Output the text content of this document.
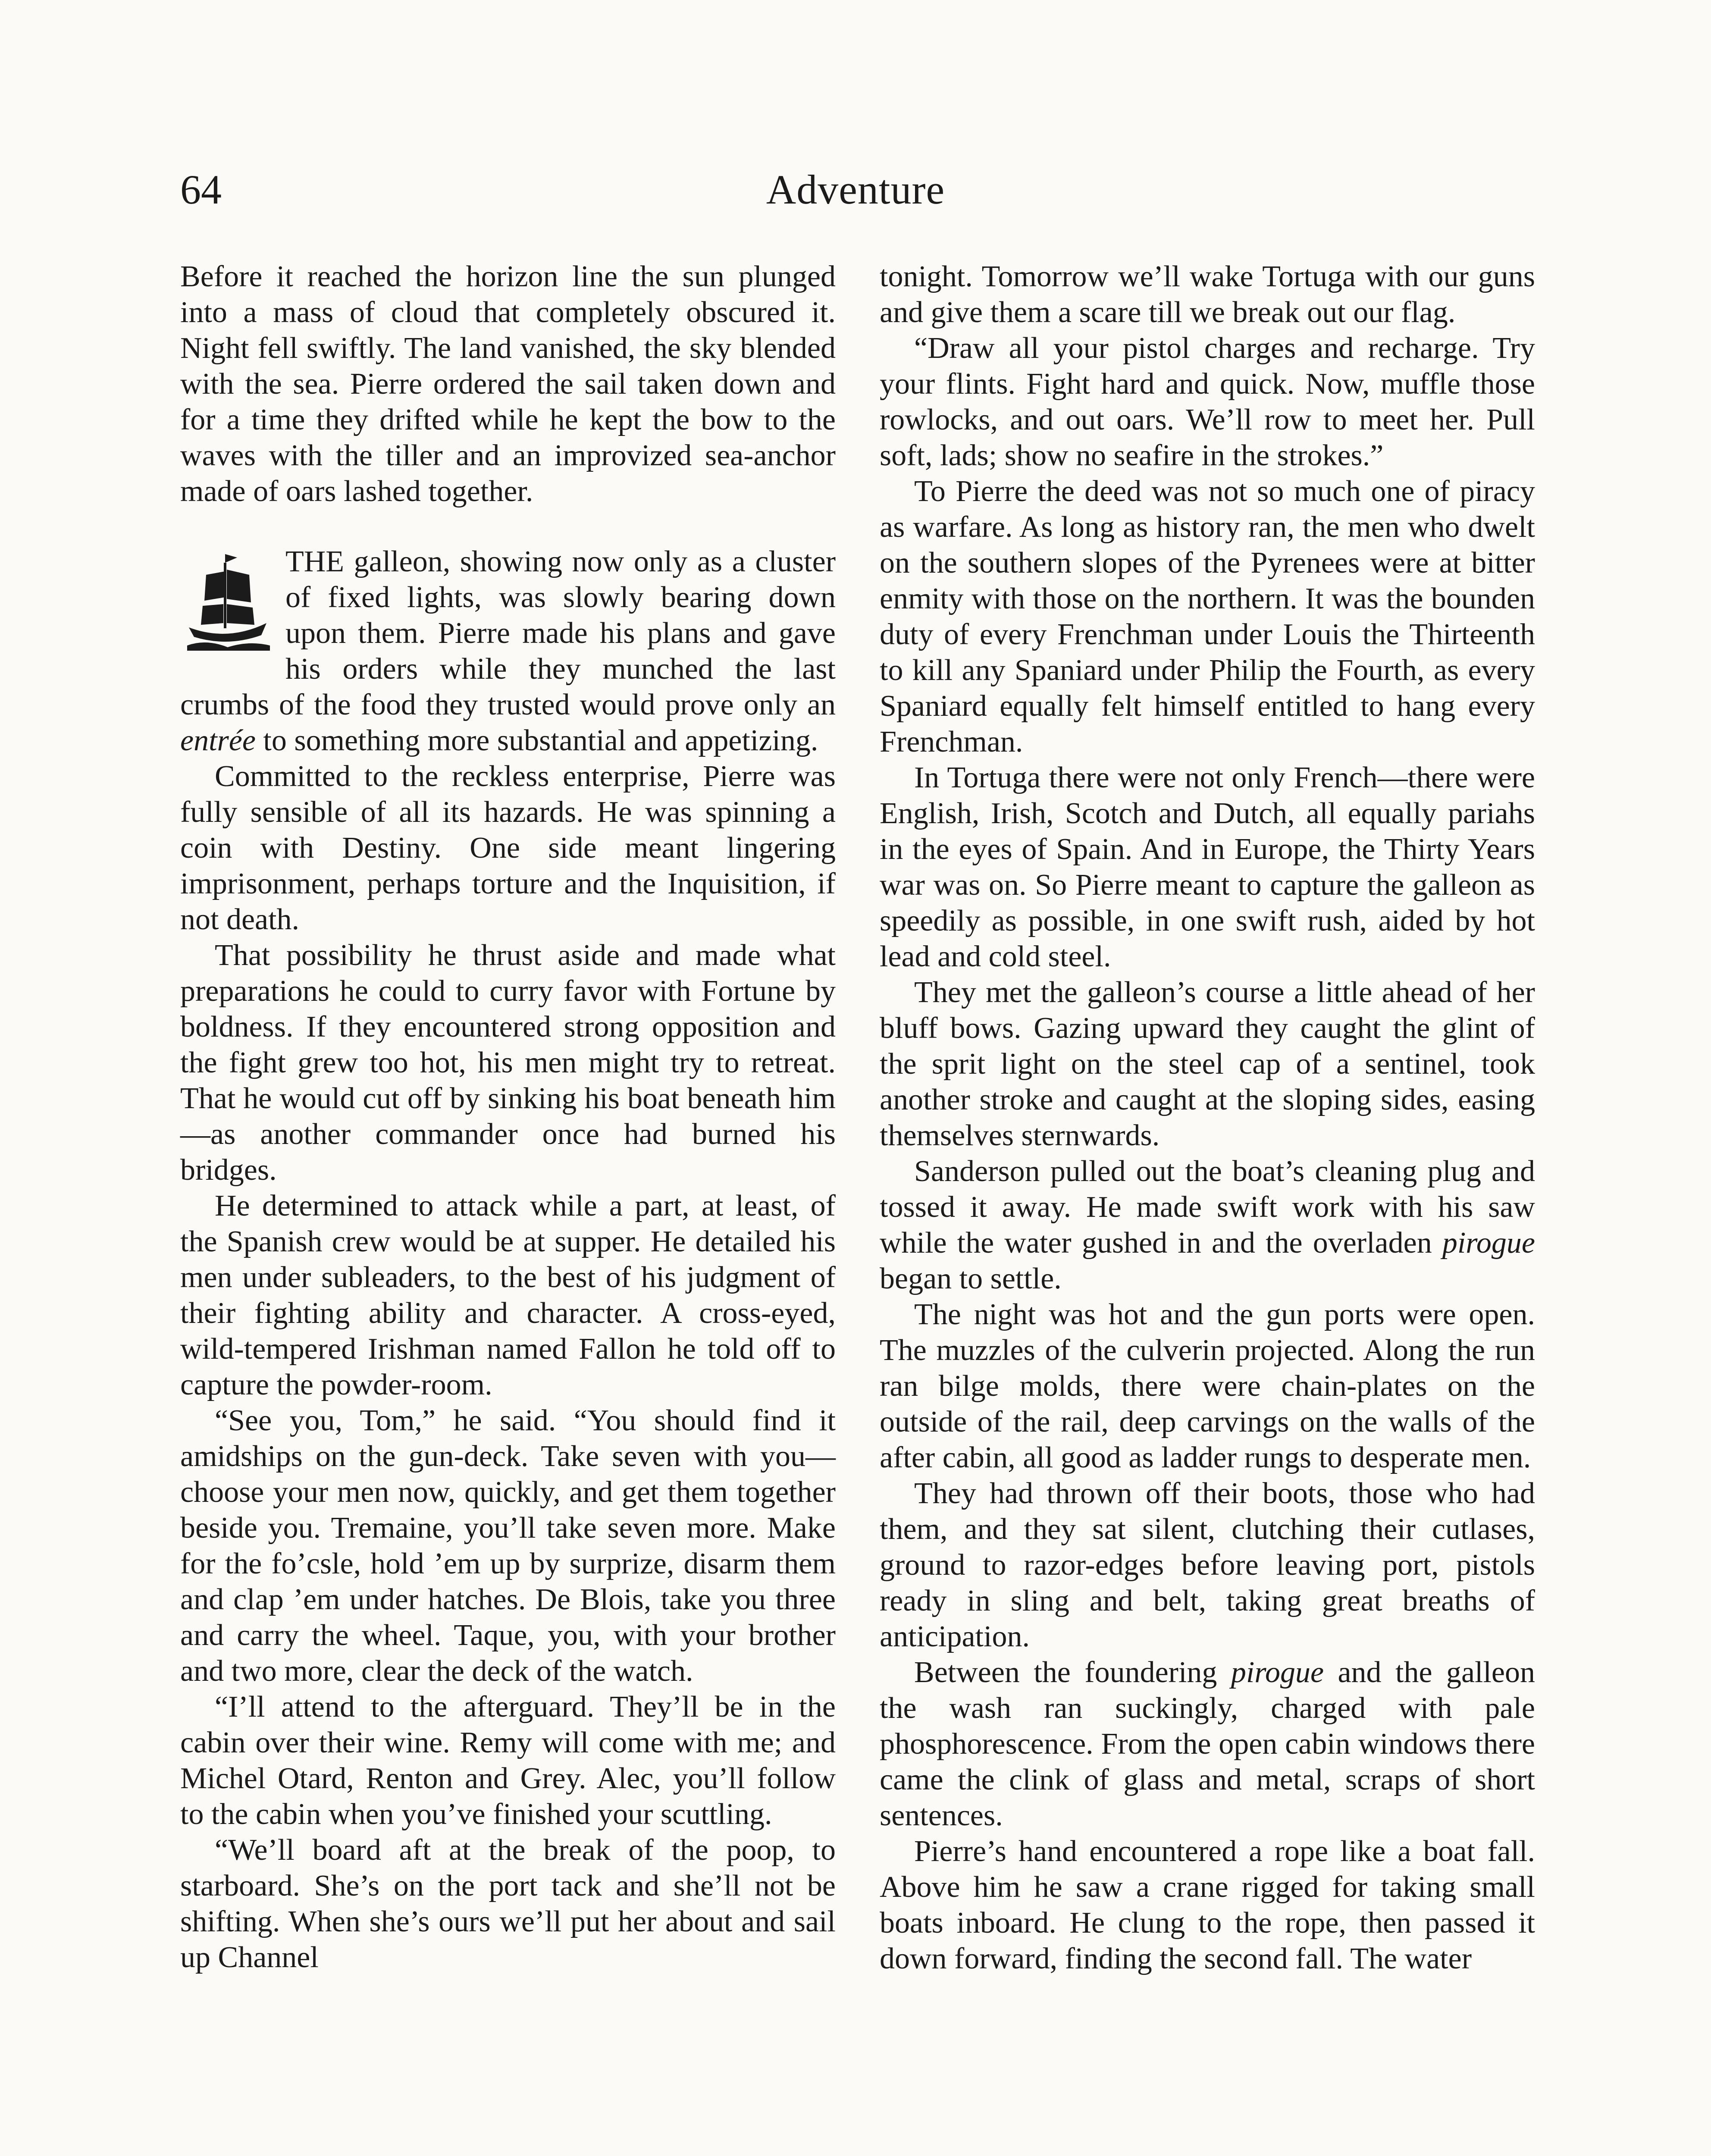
64	Adventure

Before it reached the horizon line the sun plunged into a mass of cloud that completely obscured it. Night fell swiftly. The land vanished, the sky blended with the sea. Pierre ordered the sail taken down and for a time they drifted while he kept the bow to the waves with the tiller and an improvized sea-anchor made of oars lashed together.

THE galleon, showing now only as a cluster of fixed lights, was slowly bearing down upon them. Pierre made his plans and gave his orders while they munched the last crumbs of the food they trusted would prove only an entrée to something more substantial and appetizing.

Committed to the reckless enterprise, Pierre was fully sensible of all its hazards. He was spinning a coin with Destiny. One side meant lingering imprisonment, perhaps torture and the Inquisition, if not death.

That possibility he thrust aside and made what preparations he could to curry favor with Fortune by boldness. If they encountered strong opposition and the fight grew too hot, his men might try to retreat. That he would cut off by sinking his boat beneath him—as another commander once had burned his bridges.

He determined to attack while a part, at least, of the Spanish crew would be at supper. He detailed his men under subleaders, to the best of his judgment of their fighting ability and character. A cross-eyed, wild-tempered Irishman named Fallon he told off to capture the powder-room.

“See you, Tom,” he said. “You should find it amidships on the gun-deck. Take seven with you—choose your men now, quickly, and get them together beside you. Tremaine, you’ll take seven more. Make for the fo’csle, hold ’em up by surprize, disarm them and clap ’em under hatches. De Blois, take you three and carry the wheel. Taque, you, with your brother and two more, clear the deck of the watch.

“I’ll attend to the afterguard. They’ll be in the cabin over their wine. Remy will come with me; and Michel Otard, Renton and Grey. Alec, you’ll follow to the cabin when you’ve finished your scuttling.

“We’ll board aft at the break of the poop, to starboard. She’s on the port tack and she’ll not be shifting. When she’s ours we’ll put her about and sail up Channel

tonight. Tomorrow we’ll wake Tortuga with our guns and give them a scare till we break out our flag.

“Draw all your pistol charges and recharge. Try your flints. Fight hard and quick. Now, muffle those rowlocks, and out oars. We’ll row to meet her. Pull soft, lads; show no seafire in the strokes.”

To Pierre the deed was not so much one of piracy as warfare. As long as history ran, the men who dwelt on the southern slopes of the Pyrenees were at bitter enmity with those on the northern. It was the bounden duty of every Frenchman under Louis the Thirteenth to kill any Spaniard under Philip the Fourth, as every Spaniard equally felt himself entitled to hang every Frenchman.

In Tortuga there were not only French—there were English, Irish, Scotch and Dutch, all equally pariahs in the eyes of Spain. And in Europe, the Thirty Years war was on. So Pierre meant to capture the galleon as speedily as possible, in one swift rush, aided by hot lead and cold steel.

They met the galleon’s course a little ahead of her bluff bows. Gazing upward they caught the glint of the sprit light on the steel cap of a sentinel, took another stroke and caught at the sloping sides, easing themselves sternwards.

Sanderson pulled out the boat’s cleaning plug and tossed it away. He made swift work with his saw while the water gushed in and the overladen pirogue began to settle.

The night was hot and the gun ports were open. The muzzles of the culverin projected. Along the run ran bilge molds, there were chain-plates on the outside of the rail, deep carvings on the walls of the after cabin, all good as ladder rungs to desperate men.

They had thrown off their boots, those who had them, and they sat silent, clutching their cutlases, ground to razor-edges before leaving port, pistols ready in sling and belt, taking great breaths of anticipation.

Between the foundering pirogue and the galleon the wash ran suckingly, charged with pale phosphorescence. From the open cabin windows there came the clink of glass and metal, scraps of short sentences.

Pierre’s hand encountered a rope like a boat fall. Above him he saw a crane rigged for taking small boats inboard. He clung to the rope, then passed it down forward, finding the second fall. The water
